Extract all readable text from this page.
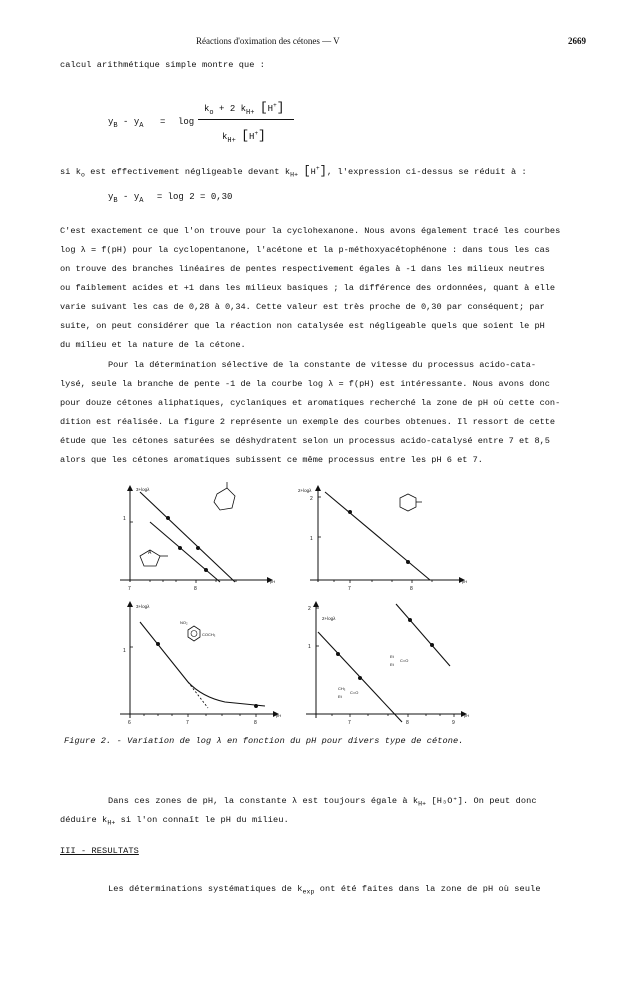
Réactions d'oximation des cétones — V	2669
calcul arithmétique simple montre que :
$y_B - y_A = \log$
$k_o + 2$ $k_{H+}$ [H+]
$k_{H+}$ [H+]
si $k_o$ est effectivement négligeable devant $k_{H+}$ [H+], l'expression ci-dessus se réduit à :
$y_B - y_A = \log 2 = 0,30$
C'est exactement ce que l'on trouve pour la cyclohexanone. Nous avons également tracé les courbes
log λ = f(pH) pour la cyclopentanone, l'acétone et la p-méthoxyacétophénone : dans tous les cas
on trouve des branches linéaires de pentes respectivement égales à -1 dans les milieux neutres
ou faiblement acides et +1 dans les milieux basiques ; la différence des ordonnées, quant à elle
varie suivant les cas de 0,28 à 0,34. Cette valeur est très proche de 0,30 par conséquent; par
suite, on peut considérer que la réaction non catalysée est négligeable quels que soient le pH
du milieu et la nature de la cétone.
Pour la détermination sélective de la constante de vitesse du processus acido-cata-
lysé, seule la branche de pente -1 de la courbe log λ = f(pH) est intéressante. Nous avons donc
pour douze cétones aliphatiques, cyclaniques et aromatiques recherché la zone de pH où cette con-
dition est réalisée. La figure 2 représente un exemple des courbes obtenues. Il ressort de cette
étude que les cétones saturées se déshydratent selon un processus acido-catalysé entre 7 et 8,5
alors que les cétones aromatiques subissent ce même processus entre les pH 6 et 7.
3+logλ
1
7	8
pH
A
2+logλ
2
1
7	8
pH
3+logλ
1
6	7	8
pH
NO₂
COCH₃
2+logλ
2
1
7	8	9
pH
Et
Et
C=O
CH₃
Et
C=O
Figure 2. - Variation de log λ en fonction du pH pour divers type de cétone.
Dans ces zones de pH, la constante λ est toujours égale à $k_{H+}$ [H₃O⁺]. On peut donc
déduire $k_{H+}$ si l'on connaît le pH du milieu.
III - RESULTATS
Les déterminations systématiques de $k_{exp}$ ont été faites dans la zone de pH où seule
